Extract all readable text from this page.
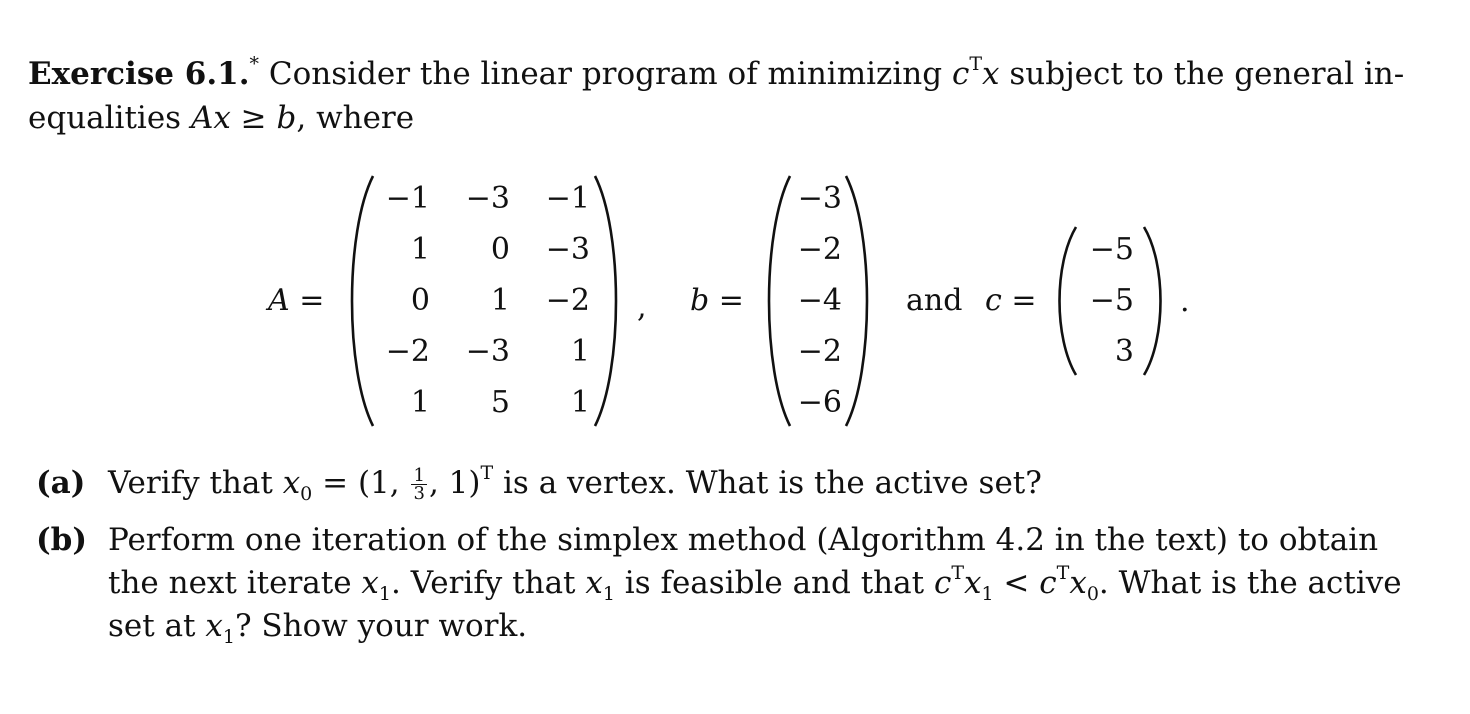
Exercise 6.1.* Consider the linear program of minimizing $c^Tx$ subject to the general in-
equalities Ax ≥ b, where
A =
−1	−3	−1
1	0	−3
0	1	−2
−2	−3	1
1	5	1
, b =
−3
−2
−4
−2
−6
and c =
−5
−5
3
.
(a) Verify that $x_0 = (1$, $\frac{1}{3}$ , 1)$^T$ is a vertex. What is the active set?
(b) Perform one iteration of the simplex method (Algorithm 4.2 in the text) to obtain the next iterate $x_1$. Verify that $x_1$ is feasible and that $c^Tx_1 < c^Tx_0$. What is the active set at $x_1$? Show your work.
